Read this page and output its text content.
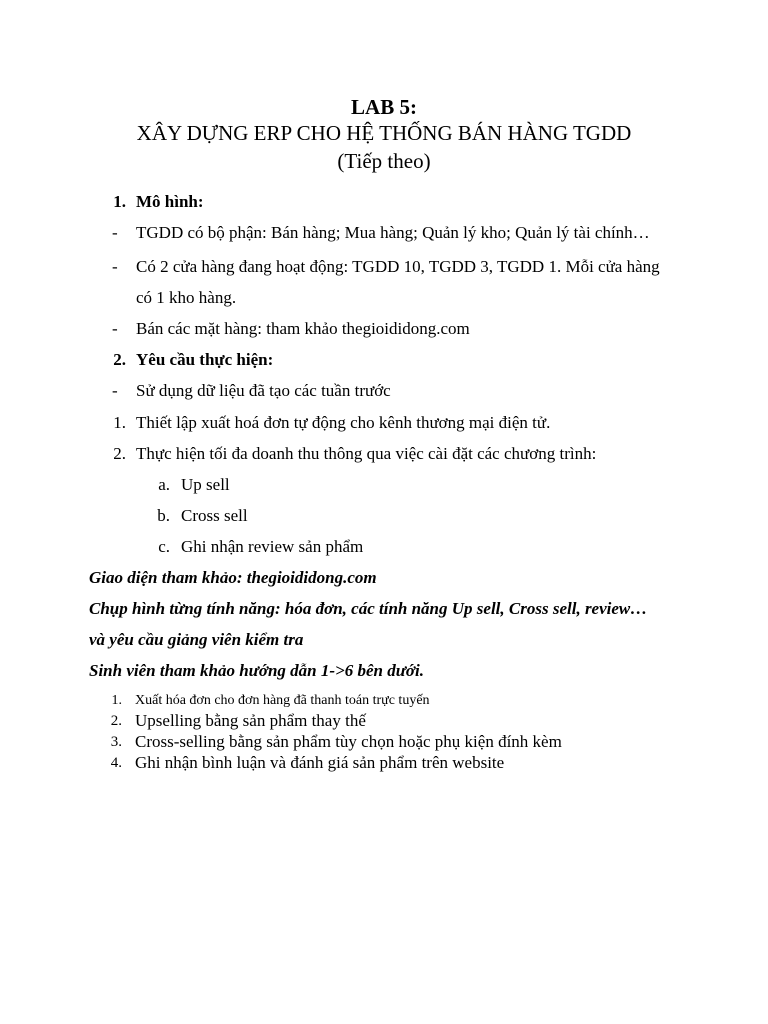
LAB 5:
XÂY DỰNG ERP CHO HỆ THỐNG BÁN HÀNG TGDD
(Tiếp theo)
1. Mô hình:
- TGDD có bộ phận: Bán hàng; Mua hàng; Quản lý kho; Quản lý tài chính…
- Có 2 cửa hàng đang hoạt động: TGDD 10, TGDD 3, TGDD 1. Mỗi cửa hàng
có 1 kho hàng.
- Bán các mặt hàng: tham khảo thegioididong.com
2. Yêu cầu thực hiện:
- Sử dụng dữ liệu đã tạo các tuần trước
1. Thiết lập xuất hoá đơn tự động cho kênh thương mại điện tử.
2. Thực hiện tối đa doanh thu thông qua việc cài đặt các chương trình:
a. Up sell
b. Cross sell
c. Ghi nhận review sản phẩm
Giao diện tham khảo: thegioididong.com
Chụp hình từng tính năng: hóa đơn, các tính năng Up sell, Cross sell, review…
và yêu cầu giảng viên kiểm tra
Sinh viên tham khảo hướng dẫn 1->6 bên dưới.
1. Xuất hóa đơn cho đơn hàng đã thanh toán trực tuyến
2. Upselling bằng sản phẩm thay thế
3. Cross-selling bằng sản phẩm tùy chọn hoặc phụ kiện đính kèm
4. Ghi nhận bình luận và đánh giá sản phẩm trên website
